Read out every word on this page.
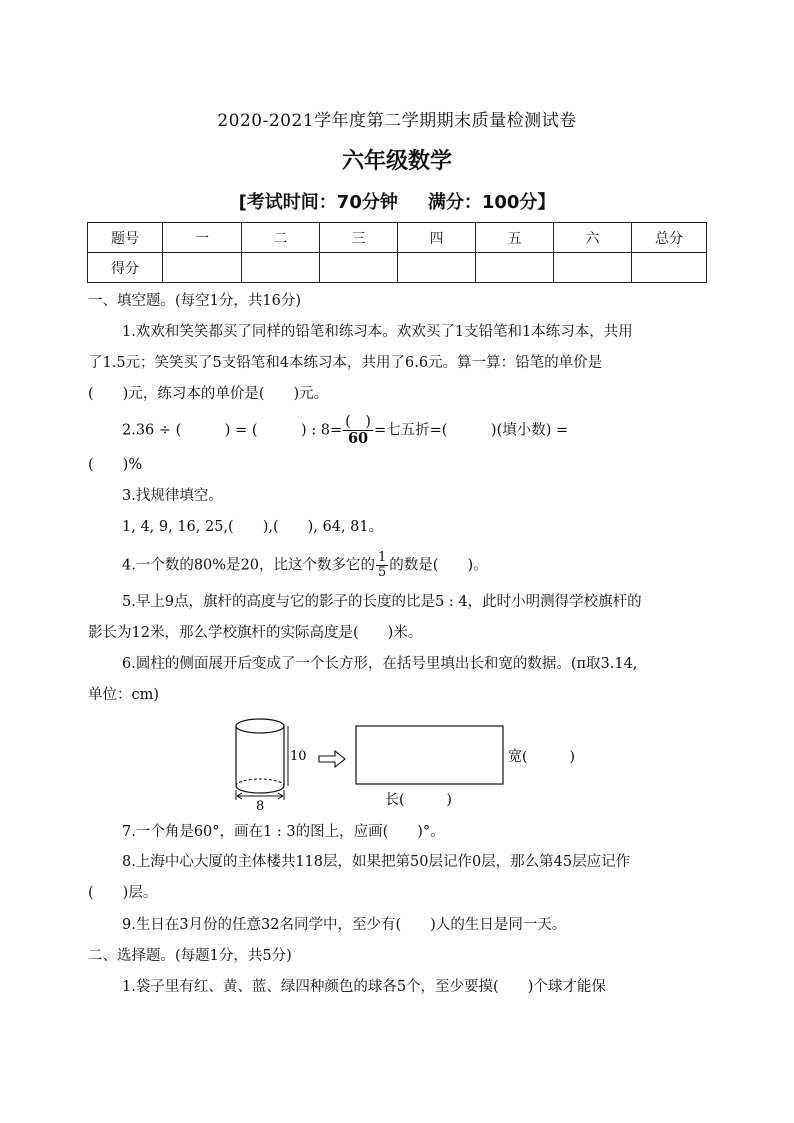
2020-2021学年度第二学期期末质量检测试卷
六年级数学
[考试时间：70分钟 满分：100分】
题号	一	二	三	四	五	六	总分
得分							
一、填空题。(每空1分，共16分)
1.欢欢和笑笑都买了同样的铅笔和练习本。欢欢买了1支铅笔和1本练习本，共用
了1.5元；笑笑买了5支铅笔和4本练习本，共用了6.6元。算一算：铅笔的单价是
(　　)元，练习本的单价是(　　)元。
2.36 ÷ (　　　) = (　　　) : $8= \frac{( )}{60}$ =七五折=(　　　)(填小数) =
(　　)%
3.找规律填空。
1, 4, 9, 16, 25,(　　),(　　), 64, 81。
4.一个数的80%是20，比这个数多它的 $\frac{1}{5}$ 的数是(　　)。
5.早上9点，旗杆的高度与它的影子的长度的比是5 : 4，此时小明测得学校旗杆的
影长为12米，那么学校旗杆的实际高度是(　　)米。
6.圆柱的侧面展开后变成了一个长方形，在括号里填出长和宽的数据。(π取3.14,
单位：cm)
8
10	宽(　　　)
长(　　　)
7.一个角是60°，画在1 : 3的图上，应画(　　)°。
8.上海中心大厦的主体楼共118层，如果把第50层记作0层，那么第45层应记作
(　　)层。
9.生日在3月份的任意32名同学中，至少有(　　)人的生日是同一天。
二、选择题。(每题1分，共5分)
1.袋子里有红、黄、蓝、绿四种颜色的球各5个，至少要摸(　　)个球才能保
